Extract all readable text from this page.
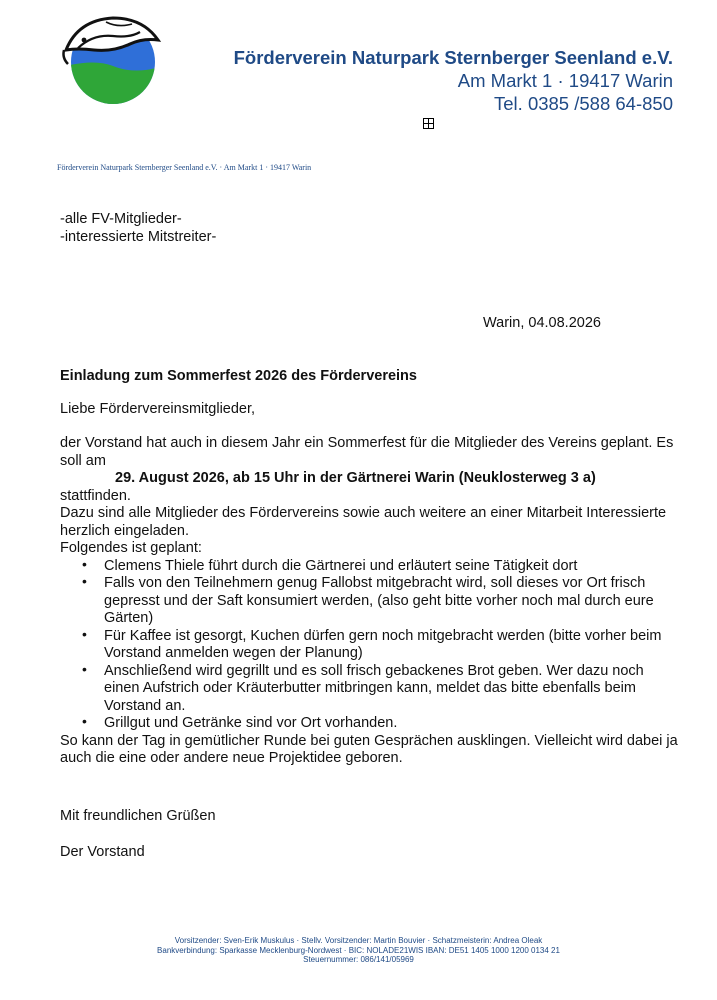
Förderverein Naturpark Sternberger Seenland e.V.
Am Markt 1 · 19417 Warin
Tel. 0385 /588 64-850
Förderverein Naturpark Sternberger Seenland e.V. · Am Markt 1 · 19417 Warin
-alle FV-Mitglieder-
-interessierte Mitstreiter-
Warin, 04.08.2026

Einladung zum Sommerfest 2026 des Fördervereins

Liebe Fördervereinsmitglieder,

der Vorstand hat auch in diesem Jahr ein Sommerfest für die Mitglieder des Vereins geplant. Es soll am

29. August 2026, ab 15 Uhr in der Gärtnerei Warin (Neuklosterweg 3 a)
stattfinden.
Dazu sind alle Mitglieder des Fördervereins sowie auch weitere an einer Mitarbeit Interessierte herzlich eingeladen.
Folgendes ist geplant:
• Clemens Thiele führt durch die Gärtnerei und erläutert seine Tätigkeit dort
• Falls von den Teilnehmern genug Fallobst mitgebracht wird, soll dieses vor Ort frisch gepresst und der Saft konsumiert werden, (also geht bitte vorher noch mal durch eure Gärten)
• Für Kaffee ist gesorgt, Kuchen dürfen gern noch mitgebracht werden (bitte vorher beim Vorstand anmelden wegen der Planung)
• Anschließend wird gegrillt und es soll frisch gebackenes Brot geben. Wer dazu noch einen Aufstrich oder Kräuterbutter mitbringen kann, meldet das bitte ebenfalls beim Vorstand an.
• Grillgut und Getränke sind vor Ort vorhanden.
So kann der Tag in gemütlicher Runde bei guten Gesprächen ausklingen. Vielleicht wird dabei ja auch die eine oder andere neue Projektidee geboren.
Mit freundlichen Grüßen
Der Vorstand
Vorsitzender: Sven-Erik Muskulus · Stellv. Vorsitzender: Martin Bouvier · Schatzmeisterin: Andrea Oleak
Bankverbindung: Sparkasse Mecklenburg-Nordwest · BIC: NOLADE21WIS IBAN: DE51 1405 1000 1200 0134 21
Steuernummer: 086/141/05969
